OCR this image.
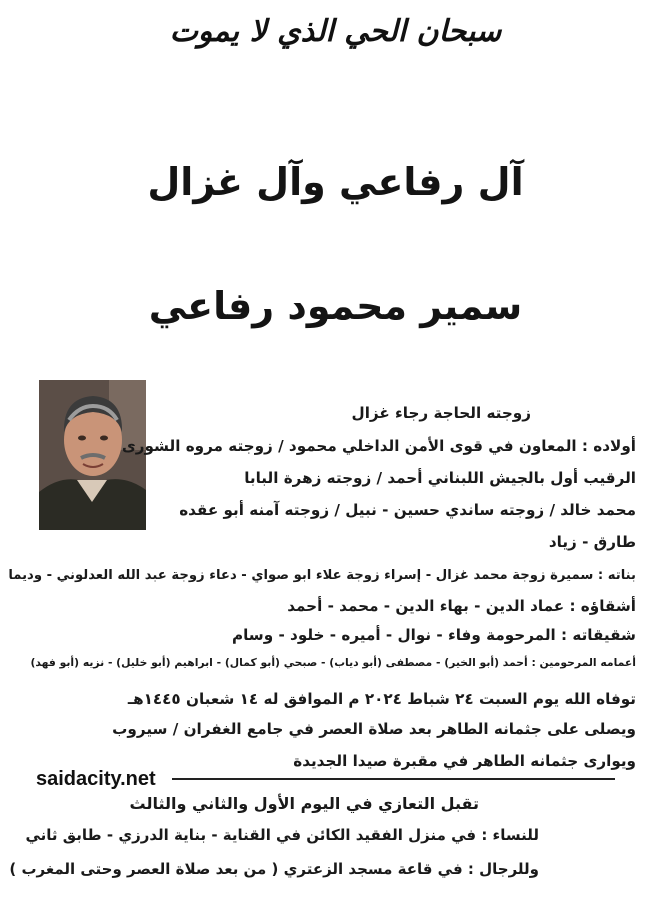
سبحان الحي الذي لا يموت
آل رفاعي وآل غزال
سمير محمود رفاعي
زوجته الحاجة رجاء غزال
أولاده : المعاون في قوى الأمن الداخلي محمود / زوجته مروه الشورى
الرقيب أول بالجيش اللبناني أحمد / زوجته زهرة البابا
محمد خالد / زوجته ساندي حسين - نبيل / زوجته آمنه أبو عقده
طارق - زياد
بناته : سميرة زوجة محمد غزال - إسراء زوجة علاء ابو صواي - دعاء زوجة عبد الله العدلوني - وديما
أشقاؤه : عماد الدين - بهاء الدين - محمد - أحمد
شقيقاته : المرحومة وفاء - نوال - أميره - خلود - وسام
أعمامه المرحومين : أحمد (أبو الخير) - مصطفى (أبو دياب) - صبحي (أبو كمال) - ابراهيم (أبو خليل) - نزيه (أبو فهد)
توفاه الله يوم السبت ٢٤ شباط ٢٠٢٤ م الموافق له ١٤ شعبان ١٤٤٥هـ
ويصلى على جثمانه الطاهر بعد صلاة العصر في جامع الغفران / سيروب
ويوارى جثمانه الطاهر في مقبرة صيدا الجديدة
saidacity.net
تقبل التعازي في اليوم الأول والثاني والثالث
للنساء : في منزل الفقيد الكائن في القناية - بناية الدرزي - طابق ثاني
وللرجال : في قاعة مسجد الزعتري ( من بعد صلاة العصر وحتى المغرب )
